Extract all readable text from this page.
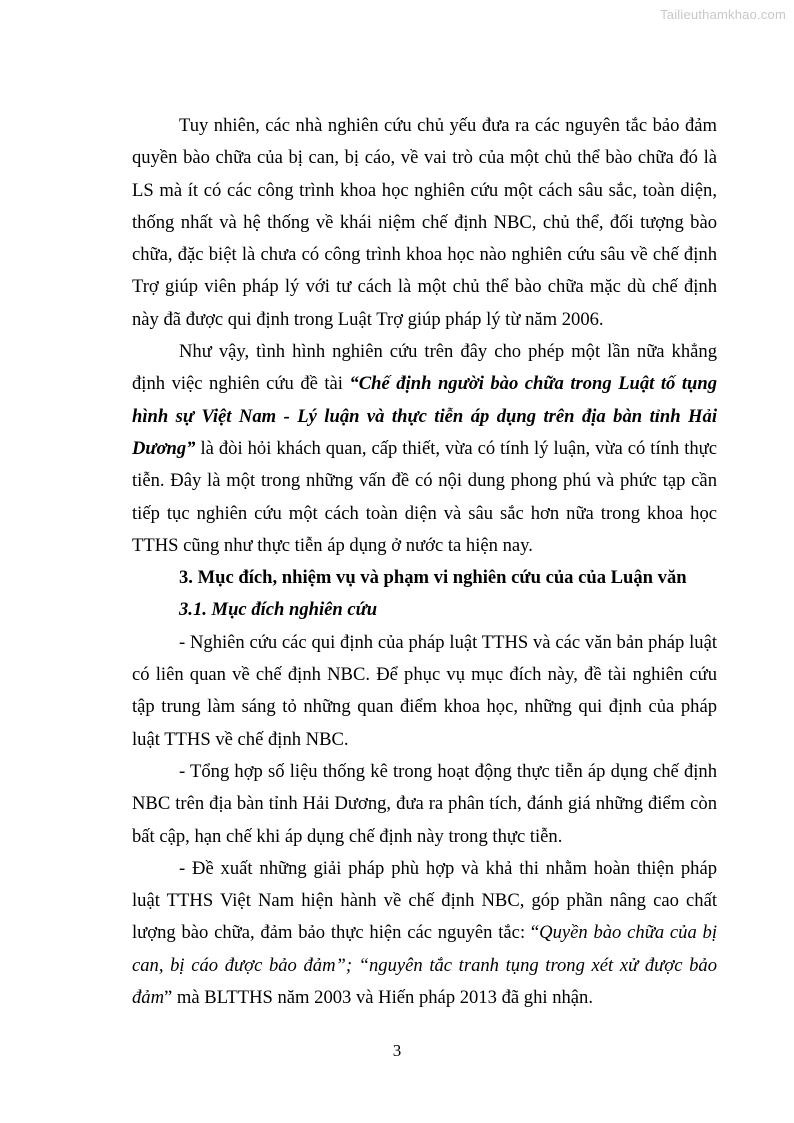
Tailieuthamkhao.com

Tuy nhiên, các nhà nghiên cứu chủ yếu đưa ra các nguyên tắc bảo đảm quyền bào chữa của bị can, bị cáo, về vai trò của một chủ thể bào chữa đó là LS mà ít có các công trình khoa học nghiên cứu một cách sâu sắc, toàn diện, thống nhất và hệ thống về khái niệm chế định NBC, chủ thể, đối tượng bào chữa, đặc biệt là chưa có công trình khoa học nào nghiên cứu sâu về chế định Trợ giúp viên pháp lý với tư cách là một chủ thể bào chữa mặc dù chế định này đã được qui định trong Luật Trợ giúp pháp lý từ năm 2006.

Như vậy, tình hình nghiên cứu trên đây cho phép một lần nữa khẳng định việc nghiên cứu đề tài “Chế định người bào chữa trong Luật tố tụng hình sự Việt Nam - Lý luận và thực tiễn áp dụng trên địa bàn tỉnh Hải Dương” là đòi hỏi khách quan, cấp thiết, vừa có tính lý luận, vừa có tính thực tiễn. Đây là một trong những vấn đề có nội dung phong phú và phức tạp cần tiếp tục nghiên cứu một cách toàn diện và sâu sắc hơn nữa trong khoa học TTHS cũng như thực tiễn áp dụng ở nước ta hiện nay.

3. Mục đích, nhiệm vụ và phạm vi nghiên cứu của của Luận văn

3.1. Mục đích nghiên cứu

- Nghiên cứu các qui định của pháp luật TTHS và các văn bản pháp luật có liên quan về chế định NBC. Để phục vụ mục đích này, đề tài nghiên cứu tập trung làm sáng tỏ những quan điểm khoa học, những qui định của pháp luật TTHS về chế định NBC.

- Tổng hợp số liệu thống kê trong hoạt động thực tiễn áp dụng chế định NBC trên địa bàn tỉnh Hải Dương, đưa ra phân tích, đánh giá những điểm còn bất cập, hạn chế khi áp dụng chế định này trong thực tiễn.

- Đề xuất những giải pháp phù hợp và khả thi nhằm hoàn thiện pháp luật TTHS Việt Nam hiện hành về chế định NBC, góp phần nâng cao chất lượng bào chữa, đảm bảo thực hiện các nguyên tắc: “Quyền bào chữa của bị can, bị cáo được bảo đảm”; “nguyên tắc tranh tụng trong xét xử được bảo đảm” mà BLTTHS năm 2003 và Hiến pháp 2013 đã ghi nhận.

3
